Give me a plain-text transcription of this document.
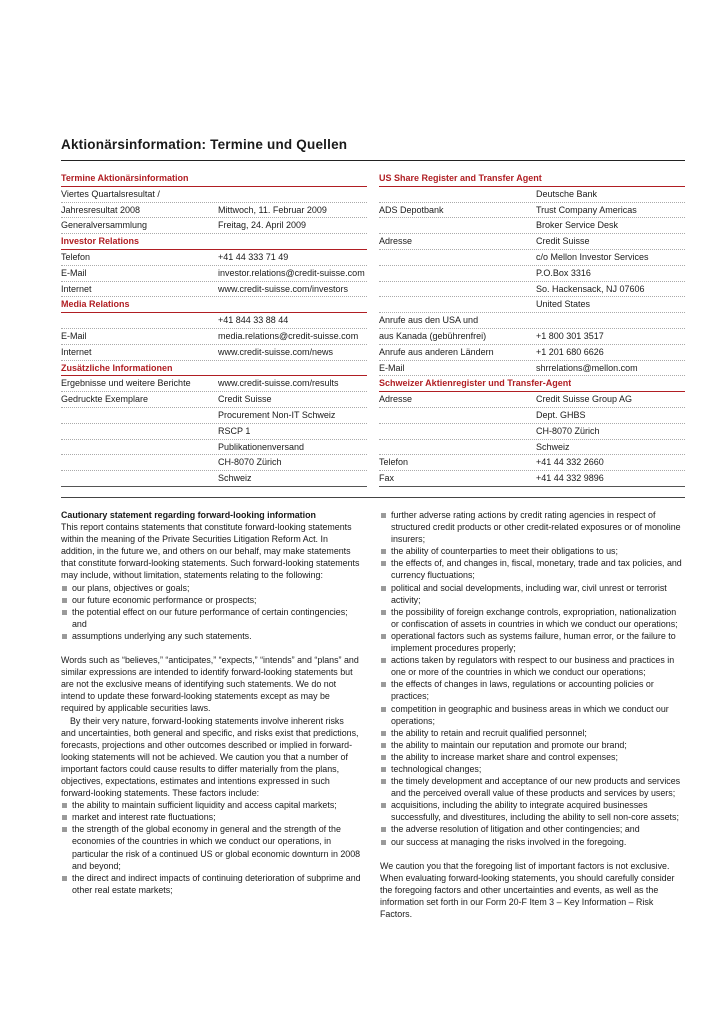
Aktionärsinformation: Termine und Quellen
Termine Aktionärsinformation
Viertes Quartalsresultat /
Jahresresultat 2008	Mittwoch, 11. Februar 2009
Generalversammlung	Freitag, 24. April 2009
Investor Relations
Telefon	+41 44 333 71 49
E-Mail	investor.relations@credit-suisse.com
Internet	www.credit-suisse.com/investors
Media Relations
+41 844 33 88 44
E-Mail	media.relations@credit-suisse.com
Internet	www.credit-suisse.com/news
Zusätzliche Informationen
Ergebnisse und weitere Berichte	www.credit-suisse.com/results
Gedruckte Exemplare	Credit Suisse
Procurement Non-IT Schweiz
RSCP 1
Publikationenversand
CH-8070 Zürich
Schweiz
US Share Register and Transfer Agent
Deutsche Bank
ADS Depotbank	Trust Company Americas
Broker Service Desk
Adresse	Credit Suisse
c/o Mellon Investor Services
P.O.Box 3316
So. Hackensack, NJ 07606
United States
Anrufe aus den USA und
aus Kanada (gebührenfrei)	+1 800 301 3517
Anrufe aus anderen Ländern	+1 201 680 6626
E-Mail	shrrelations@mellon.com
Schweizer Aktienregister und Transfer-Agent
Adresse	Credit Suisse Group AG
Dept. GHBS
CH-8070 Zürich
Schweiz
Telefon	+41 44 332 2660
Fax	+41 44 332 9896
Cautionary statement regarding forward-looking information

This report contains statements that constitute forward-looking statements within the meaning of the Private Securities Litigation Reform Act. In addition, in the future we, and others on our behalf, may make statements that constitute forward-looking statements. Such forward-looking statements may include, without limitation, statements relating to the following:

our plans, objectives or goals;
our future economic performance or prospects;
the potential effect on our future performance of certain contingencies; and
assumptions underlying any such statements.

Words such as “believes,” “anticipates,” “expects,” “intends” and “plans” and similar expressions are intended to identify forward-looking statements but are not the exclusive means of identifying such statements. We do not intend to update these forward-looking statements except as may be required by applicable securities laws.

By their very nature, forward-looking statements involve inherent risks and uncertainties, both general and specific, and risks exist that predictions, forecasts, projections and other outcomes described or implied in forward-looking statements will not be achieved. We caution you that a number of important factors could cause results to differ materially from the plans, objectives, expectations, estimates and intentions expressed in such forward-looking statements. These factors include:

the ability to maintain sufficient liquidity and access capital markets;
market and interest rate fluctuations;
the strength of the global economy in general and the strength of the economies of the countries in which we conduct our operations, in particular the risk of a continued US or global economic downturn in 2008 and beyond;
the direct and indirect impacts of continuing deterioration of subprime and other real estate markets;
further adverse rating actions by credit rating agencies in respect of structured credit products or other credit-related exposures or of monoline insurers;
the ability of counterparties to meet their obligations to us;
the effects of, and changes in, fiscal, monetary, trade and tax policies, and currency fluctuations;
political and social developments, including war, civil unrest or terrorist activity;
the possibility of foreign exchange controls, expropriation, nationalization or confiscation of assets in countries in which we conduct our operations;
operational factors such as systems failure, human error, or the failure to implement procedures properly;
actions taken by regulators with respect to our business and practices in one or more of the countries in which we conduct our operations;
the effects of changes in laws, regulations or accounting policies or practices;
competition in geographic and business areas in which we conduct our operations;
the ability to retain and recruit qualified personnel;
the ability to maintain our reputation and promote our brand;
the ability to increase market share and control expenses;
technological changes;
the timely development and acceptance of our new products and services and the perceived overall value of these products and services by users;
acquisitions, including the ability to integrate acquired businesses successfully, and divestitures, including the ability to sell non-core assets;
the adverse resolution of litigation and other contingencies; and
our success at managing the risks involved in the foregoing.

We caution you that the foregoing list of important factors is not exclusive. When evaluating forward-looking statements, you should carefully consider the foregoing factors and other uncertainties and events, as well as the information set forth in our Form 20-F Item 3 – Key Information – Risk Factors.
